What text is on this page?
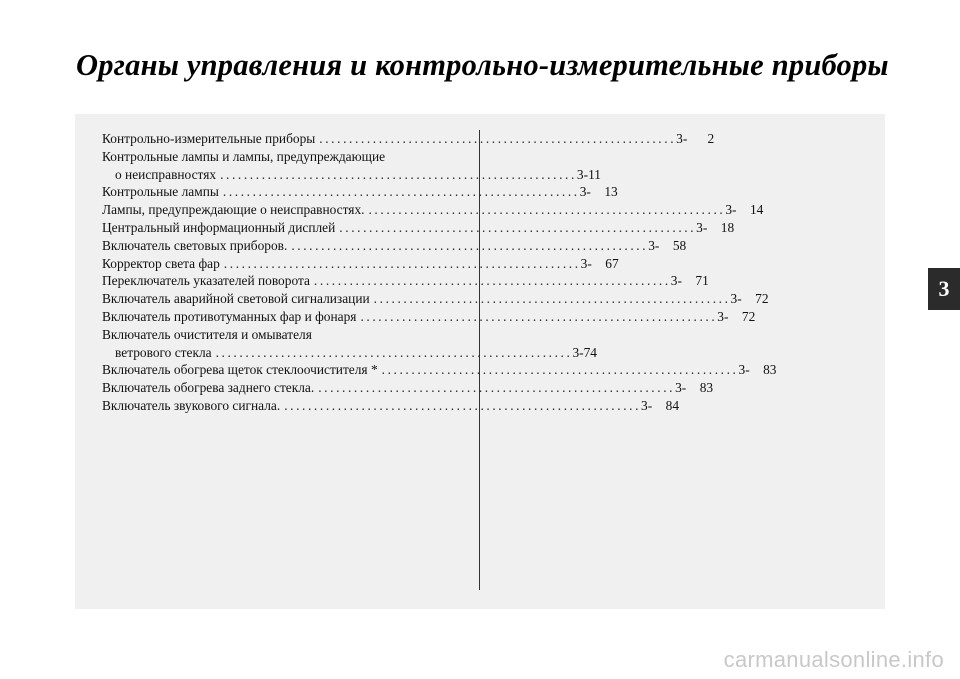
Органы управления и контрольно-измерительные приборы
Контрольно-измерительные приборы ............................................................ 3-	2
Контрольные лампы и лампы, предупреждающие
о неисправностях ............................................................3-11
Контрольные лампы ............................................................ 3-	13
Лампы, предупреждающие о неисправностях. ............................................................ 3-	14
Центральный информационный дисплей ............................................................ 3-	18
Включатель световых приборов. ............................................................ 3-	58
Корректор света фар ............................................................ 3-	67
Переключатель указателей поворота ............................................................ 3-	71
Включатель аварийной световой сигнализации ............................................................ 3-	72
Включатель противотуманных фар и фонаря ............................................................ 3-	72
Включатель очистителя и омывателя
ветрового стекла ............................................................3-74
Включатель обогрева щеток стеклоочистителя * ............................................................ 3-	83
Включатель обогрева заднего стекла. ............................................................ 3-	83
Включатель звукового сигнала. ............................................................ 3-	84
3
carmanualsonline.info
